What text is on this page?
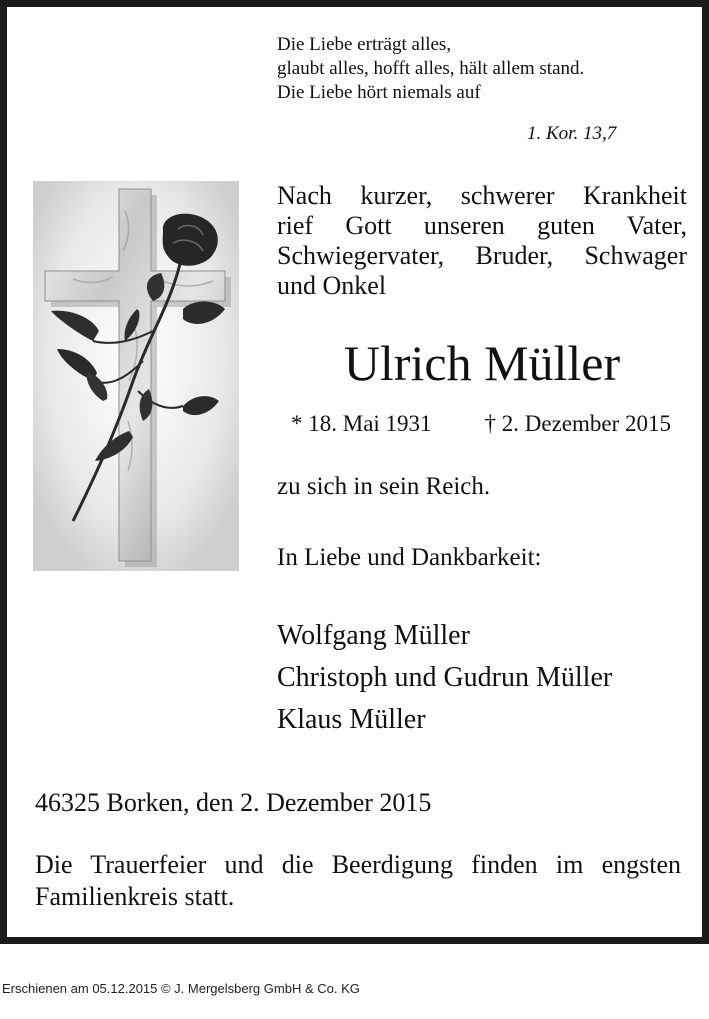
Die Liebe erträgt alles,
glaubt alles, hofft alles, hält allem stand.
Die Liebe hört niemals auf
1. Kor. 13,7
Nach kurzer, schwerer Krankheit
rief Gott unseren guten Vater,
Schwiegervater, Bruder, Schwager
und Onkel
Ulrich Müller
* 18. Mai 1931 † 2. Dezember 2015
zu sich in sein Reich.
In Liebe und Dankbarkeit:
Wolfgang Müller
Christoph und Gudrun Müller
Klaus Müller
46325 Borken, den 2. Dezember 2015
Die Trauerfeier und die Beerdigung finden im engsten
Familienkreis statt.
Erschienen am 05.12.2015 © J. Mergelsberg GmbH & Co. KG
